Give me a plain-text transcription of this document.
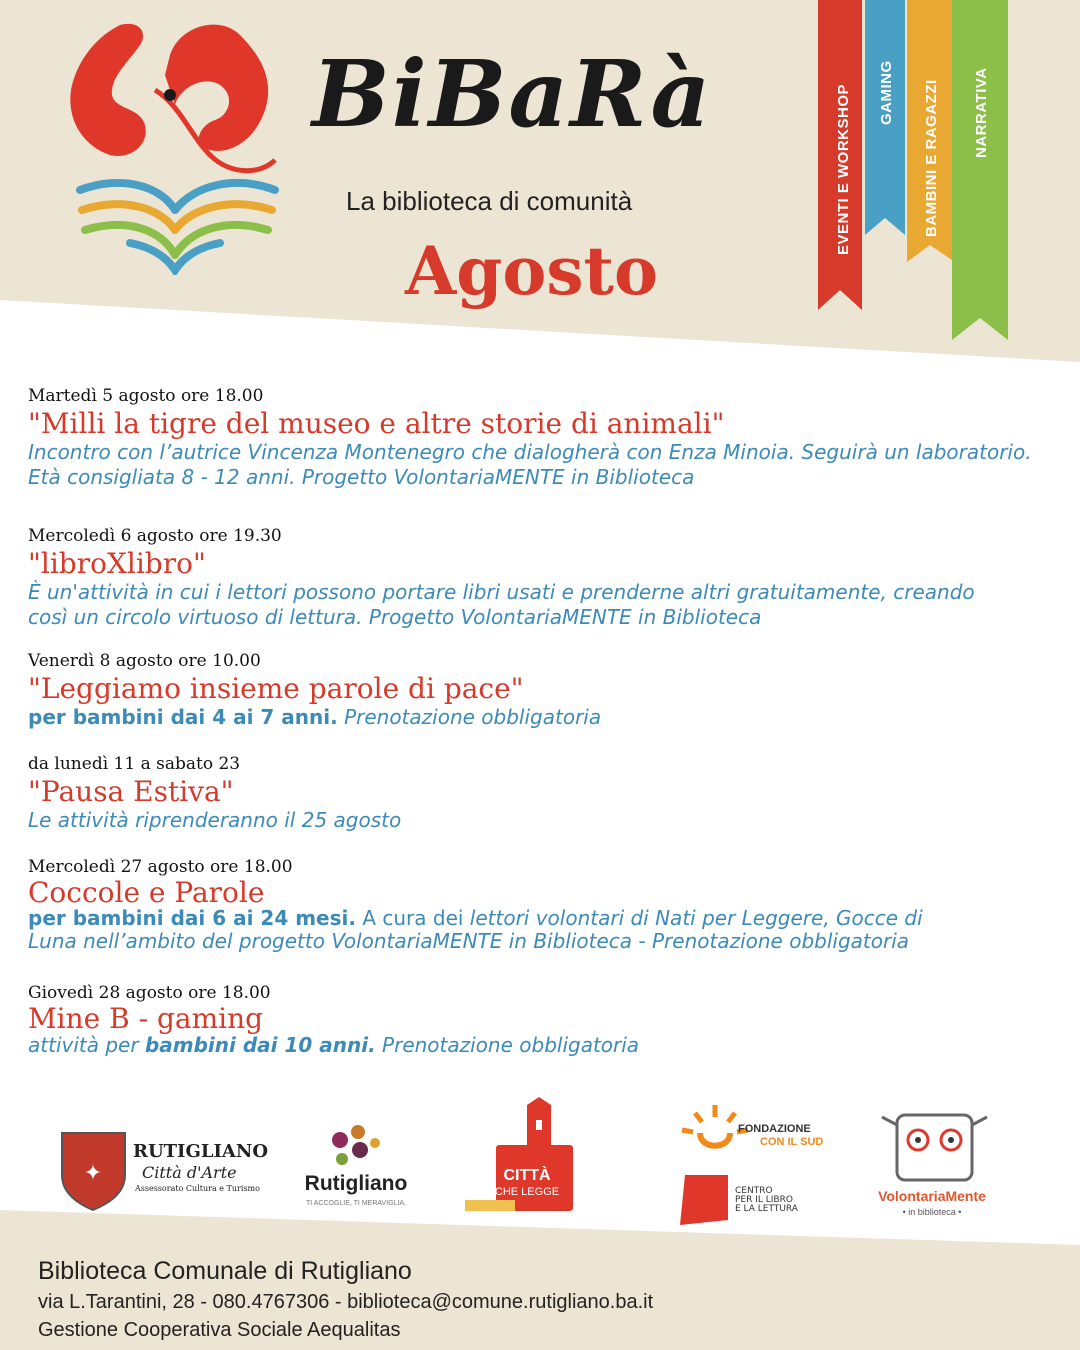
BiBaRà
La biblioteca di comunità
Agosto
EVENTI E WORKSHOP GAMING BAMBINI E RAGAZZI NARRATIVA

Martedì 5 agosto ore 18.00

"Milli la tigre del museo e altre storie di animali"

Incontro con l’autrice Vincenza Montenegro che dialogherà con Enza Minoia. Seguirà un laboratorio.

Età consigliata 8 - 12 anni. Progetto VolontariaMENTE in Biblioteca

Mercoledì 6 agosto ore 19.30

"libroXlibro"

È un'attività in cui i lettori possono portare libri usati e prenderne altri gratuitamente, creando

così un circolo virtuoso di lettura. Progetto VolontariaMENTE in Biblioteca

Venerdì 8 agosto ore 10.00

"Leggiamo insieme parole di pace"

per bambini dai 4 ai 7 anni. Prenotazione obbligatoria

da lunedì 11 a sabato 23

"Pausa Estiva"

Le attività riprenderanno il 25 agosto

Mercoledì 27 agosto ore 18.00

Coccole e Parole

per bambini dai 6 ai 24 mesi. A cura dei lettori volontari di Nati per Leggere, Gocce di

Luna nell’ambito del progetto VolontariaMENTE in Biblioteca - Prenotazione obbligatoria

Giovedì 28 agosto ore 18.00

Mine B - gaming

attività per bambini dai 10 anni. Prenotazione obbligatoria

✦
RUTIGLIANO
Città d'Arte
Assessorato Cultura e Turismo Rutigliano
TI ACCOGLIE, TI MERAVIGLIA.
CITTÀ
CHE LEGGE
FONDAZIONE
CON IL SUD
CENTRO
PER IL LIBRO
E LA LETTURA
VolontariaMente
• in biblioteca •

Biblioteca Comunale di Rutigliano

via L.Tarantini, 28 - 080.4767306 - biblioteca@comune.rutigliano.ba.it

Gestione Cooperativa Sociale Aequalitas
